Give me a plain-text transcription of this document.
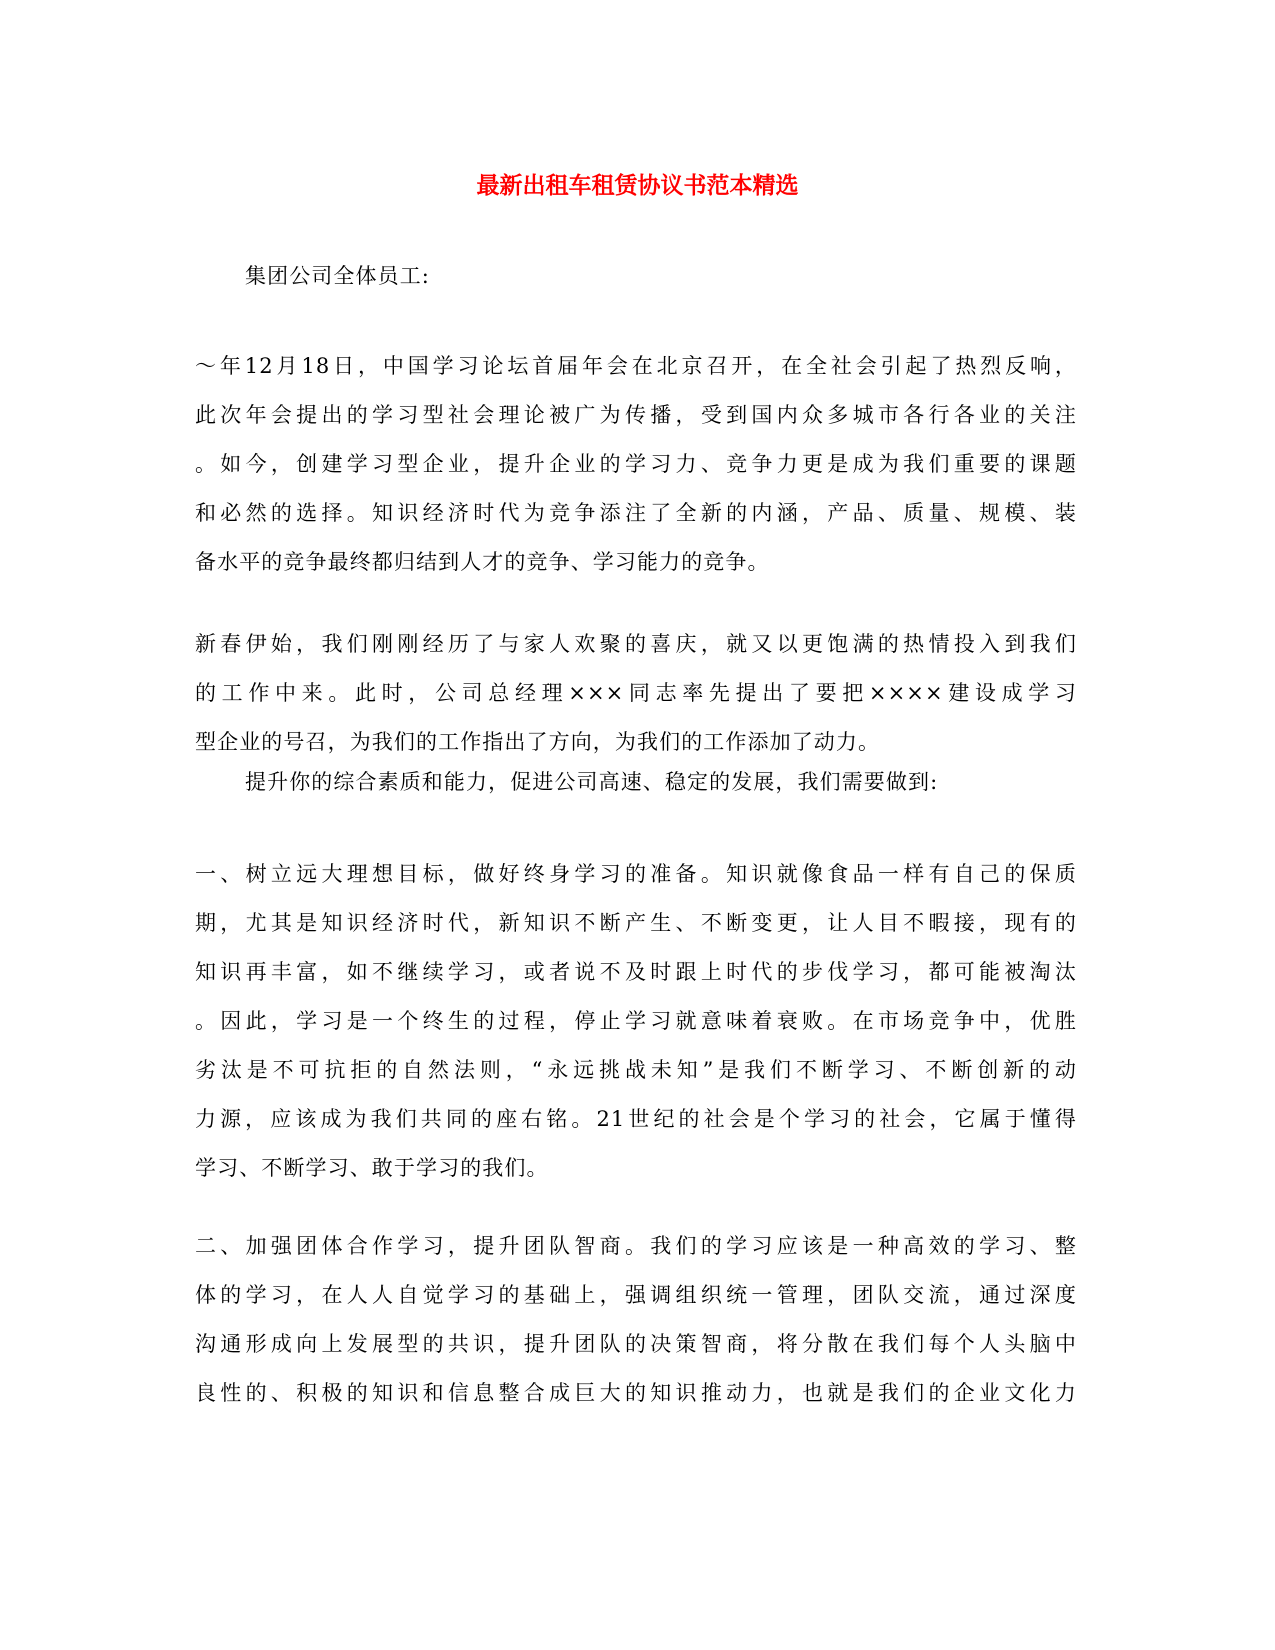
最新出租车租赁协议书范本精选
集团公司全体员工:
～年12月18日，中国学习论坛首届年会在北京召开，在全社会引起了热烈反响，
此次年会提出的学习型社会理论被广为传播，受到国内众多城市各行各业的关注
。如今，创建学习型企业，提升企业的学习力、竞争力更是成为我们重要的课题
和必然的选择。知识经济时代为竞争添注了全新的内涵，产品、质量、规模、装
备水平的竞争最终都归结到人才的竞争、学习能力的竞争。
新春伊始，我们刚刚经历了与家人欢聚的喜庆，就又以更饱满的热情投入到我们
的工作中来。此时，公司总经理×××同志率先提出了要把××××建设成学习
型企业的号召，为我们的工作指出了方向，为我们的工作添加了动力。
提升你的综合素质和能力，促进公司高速、稳定的发展，我们需要做到:
一、树立远大理想目标，做好终身学习的准备。知识就像食品一样有自己的保质
期，尤其是知识经济时代，新知识不断产生、不断变更，让人目不暇接，现有的
知识再丰富，如不继续学习，或者说不及时跟上时代的步伐学习，都可能被淘汰
。因此，学习是一个终生的过程，停止学习就意味着衰败。在市场竞争中，优胜
劣汰是不可抗拒的自然法则，“永远挑战未知”是我们不断学习、不断创新的动
力源，应该成为我们共同的座右铭。21世纪的社会是个学习的社会，它属于懂得
学习、不断学习、敢于学习的我们。
二、加强团体合作学习，提升团队智商。我们的学习应该是一种高效的学习、整
体的学习，在人人自觉学习的基础上，强调组织统一管理，团队交流，通过深度
沟通形成向上发展型的共识，提升团队的决策智商，将分散在我们每个人头脑中
良性的、积极的知识和信息整合成巨大的知识推动力，也就是我们的企业文化力
